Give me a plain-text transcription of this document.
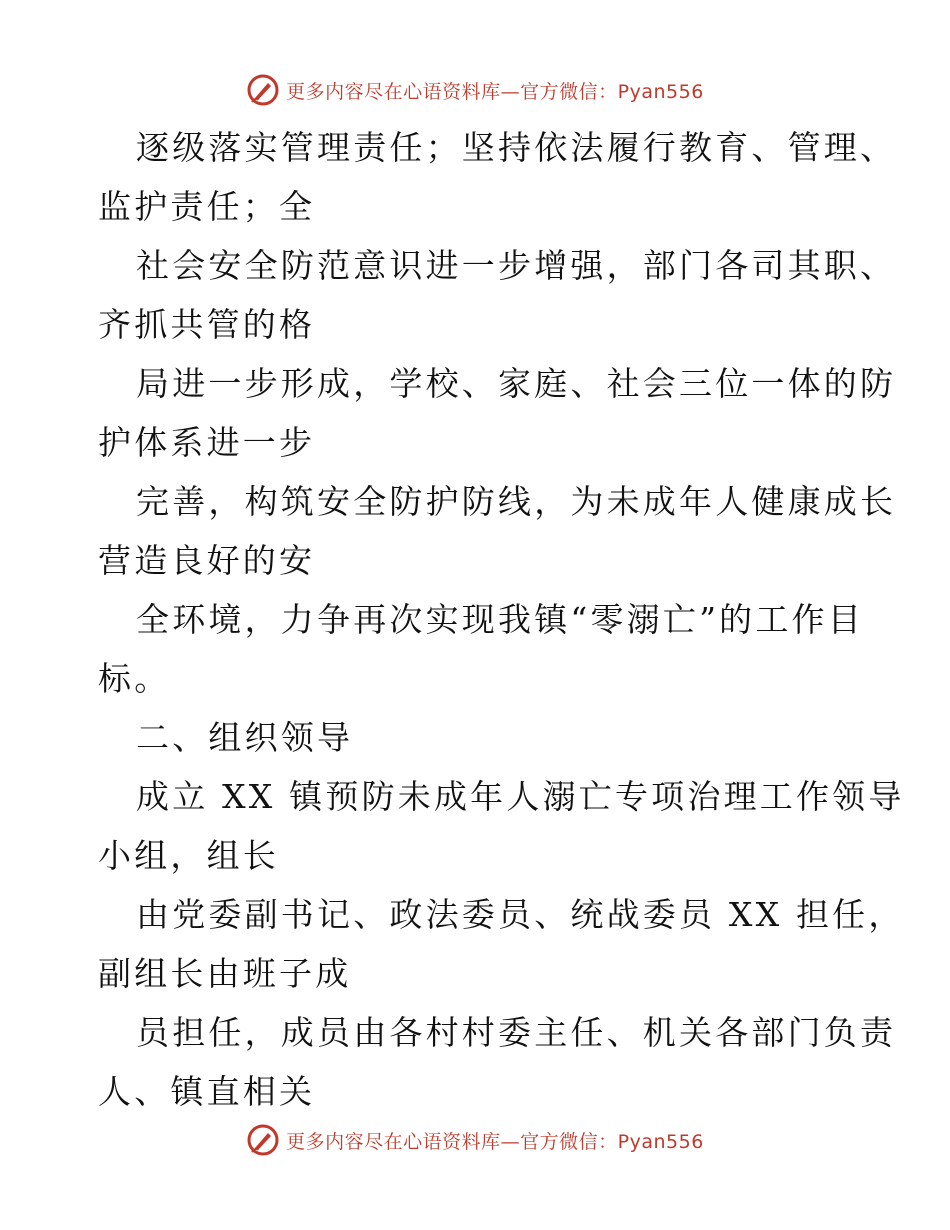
更多内容尽在心语资料库—官方微信：Pyan556
逐级落实管理责任；坚持依法履行教育、管理、
监护责任；全
社会安全防范意识进一步增强，部门各司其职、
齐抓共管的格
局进一步形成，学校、家庭、社会三位一体的防
护体系进一步
完善，构筑安全防护防线，为未成年人健康成长
营造良好的安
全环境，力争再次实现我镇“零溺亡”的工作目
标。
二、组织领导
成立 XX 镇预防未成年人溺亡专项治理工作领导
小组，组长
由党委副书记、政法委员、统战委员 XX 担任，
副组长由班子成
员担任，成员由各村村委主任、机关各部门负责
人、镇直相关
更多内容尽在心语资料库—官方微信：Pyan556
